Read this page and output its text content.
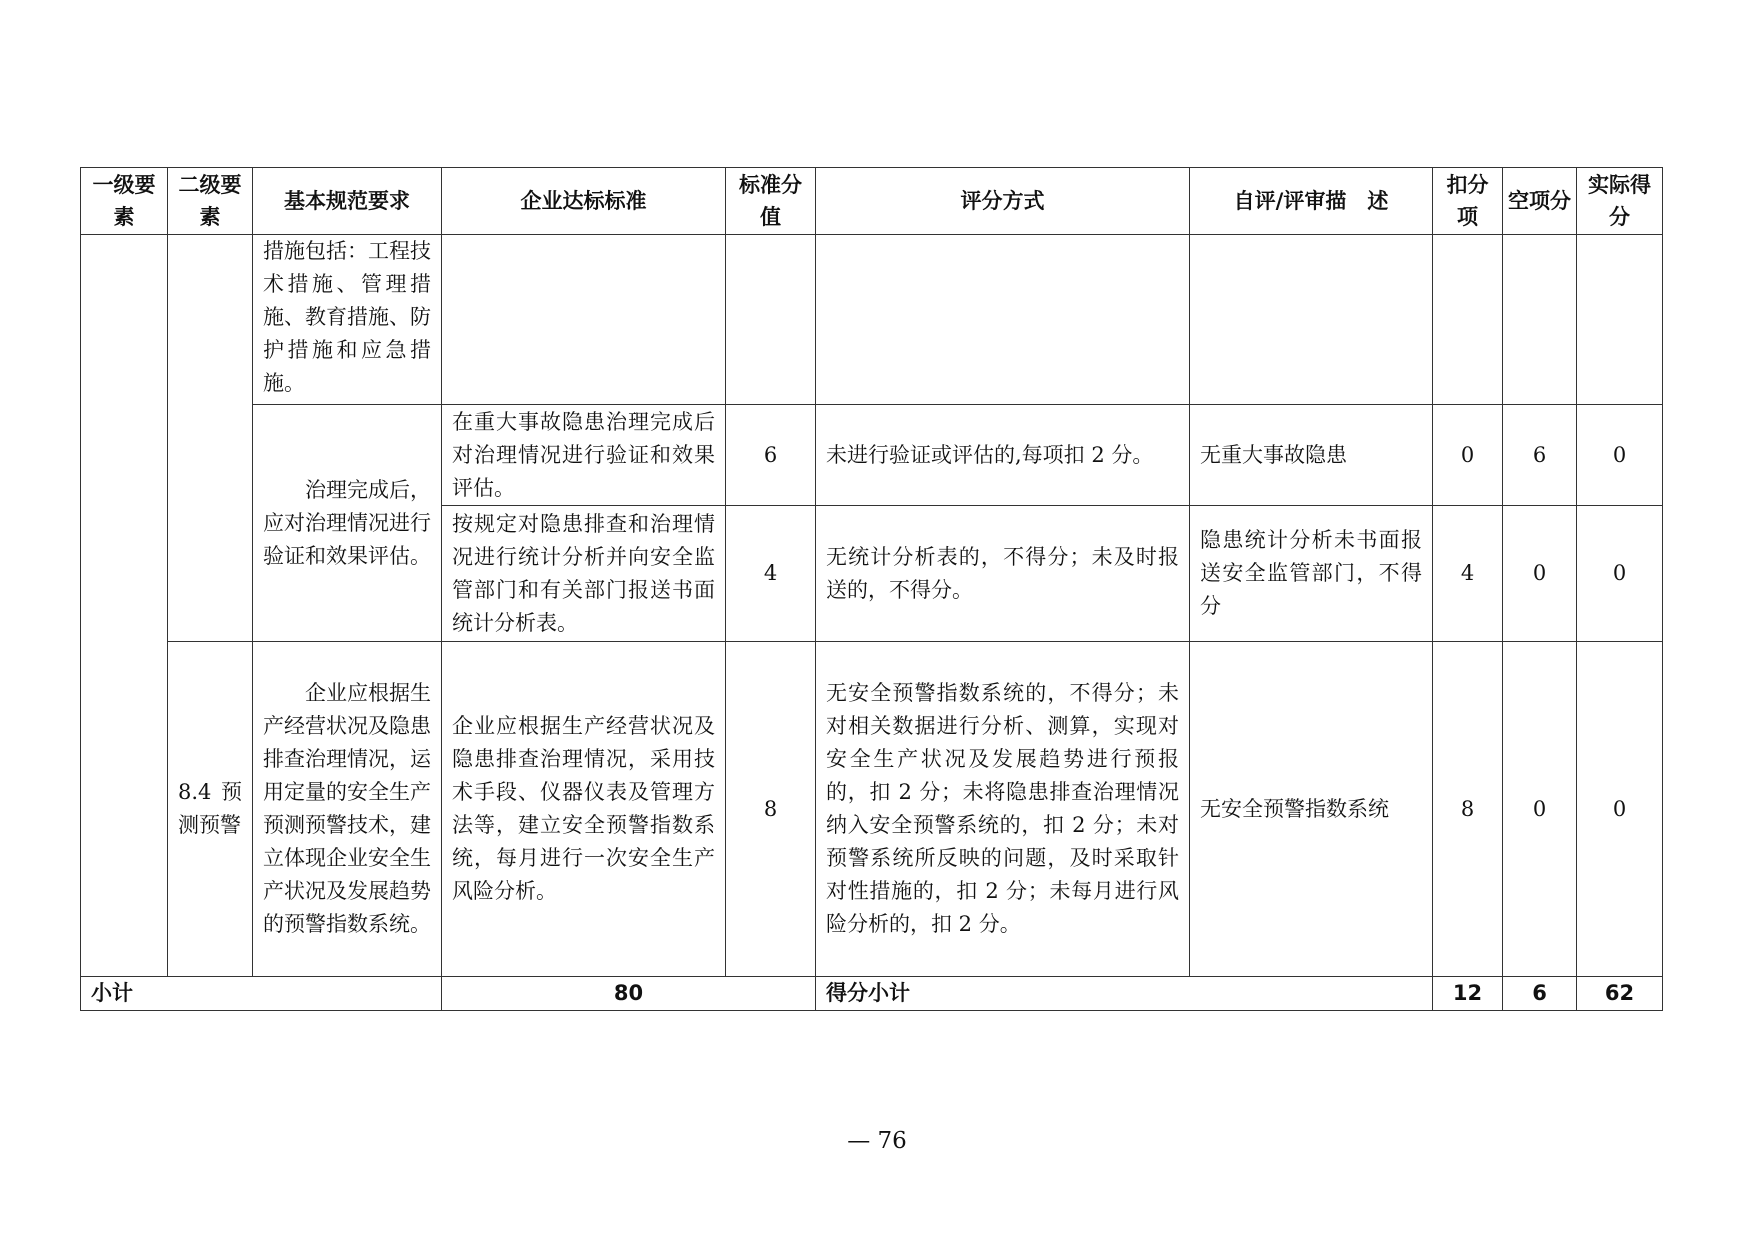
一级要素	二级要素	基本规范要求	企业达标标准	标准分值	评分方式	自评/评审描　述	扣分项	空项分	实际得分
		措施包括：工程技术措施、管理措施、教育措施、防护措施和应急措施。							
		治理完成后，应对治理情况进行验证和效果评估。	在重大事故隐患治理完成后对治理情况进行验证和效果评估。	6	未进行验证或评估的,每项扣 2 分。	无重大事故隐患	0	6	0
			按规定对隐患排查和治理情况进行统计分析并向安全监管部门和有关部门报送书面统计分析表。	4	无统计分析表的，不得分；未及时报送的，不得分。	隐患统计分析未书面报送安全监管部门，不得分	4	0	0
	8.4预测预警	企业应根据生产经营状况及隐患排查治理情况，运用定量的安全生产预测预警技术，建立体现企业安全生产状况及发展趋势的预警指数系统。	企业应根据生产经营状况及隐患排查治理情况，采用技术手段、仪器仪表及管理方法等，建立安全预警指数系统，每月进行一次安全生产风险分析。	8	无安全预警指数系统的，不得分；未对相关数据进行分析、测算，实现对安全生产状况及发展趋势进行预报的，扣 2 分；未将隐患排查治理情况纳入安全预警系统的，扣 2 分；未对预警系统所反映的问题，及时采取针对性措施的，扣 2 分；未每月进行风险分析的，扣 2 分。	无安全预警指数系统	8	0	0
小计			80		得分小计		12	6	62
— 76
